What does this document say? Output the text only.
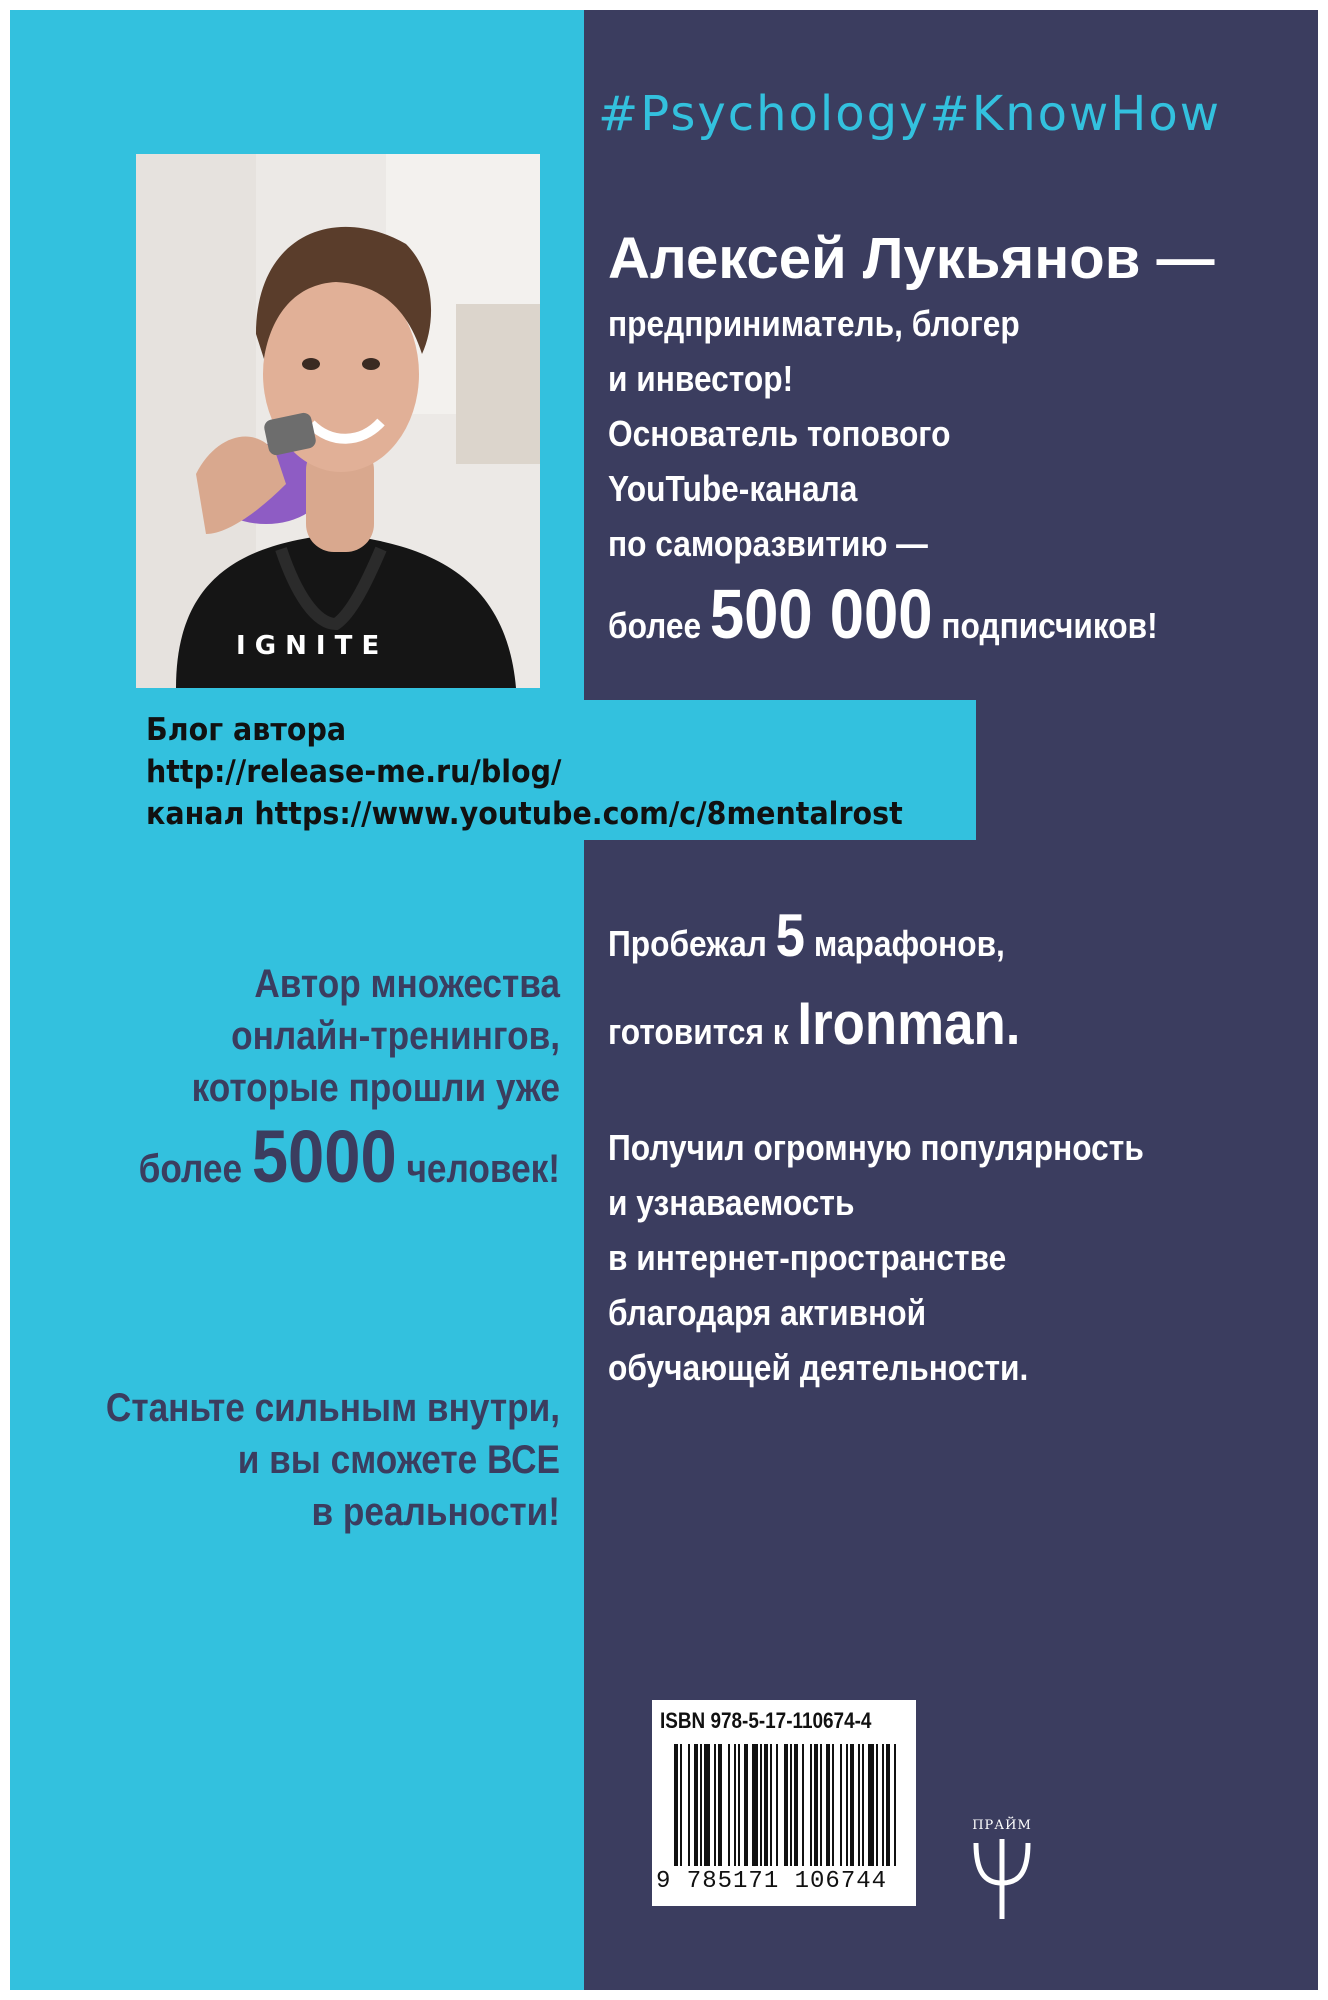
#Psychology#KnowHow
I G N I T E
Алексей Лукьянов —
предприниматель, блогер
и инвестор!
Основатель топового
YouTube-канала
по саморазвитию —
более 500 000 подписчиков!
Блог автора
http://release-me.ru/blog/
канал https://www.youtube.com/c/8mentalrost
Пробежал 5 марафонов,
готовится к Ironman.
Получил огромную популярность
и узнаваемость
в интернет-пространстве
благодаря активной
обучающей деятельности.
Автор множества
онлайн-тренингов,
которые прошли уже
более 5000 человек!
Станьте сильным внутри,
и вы сможете ВСЕ
в реальности!
ISBN 978-5-17-110674-4
9 785171 106744
ПРАЙМ
